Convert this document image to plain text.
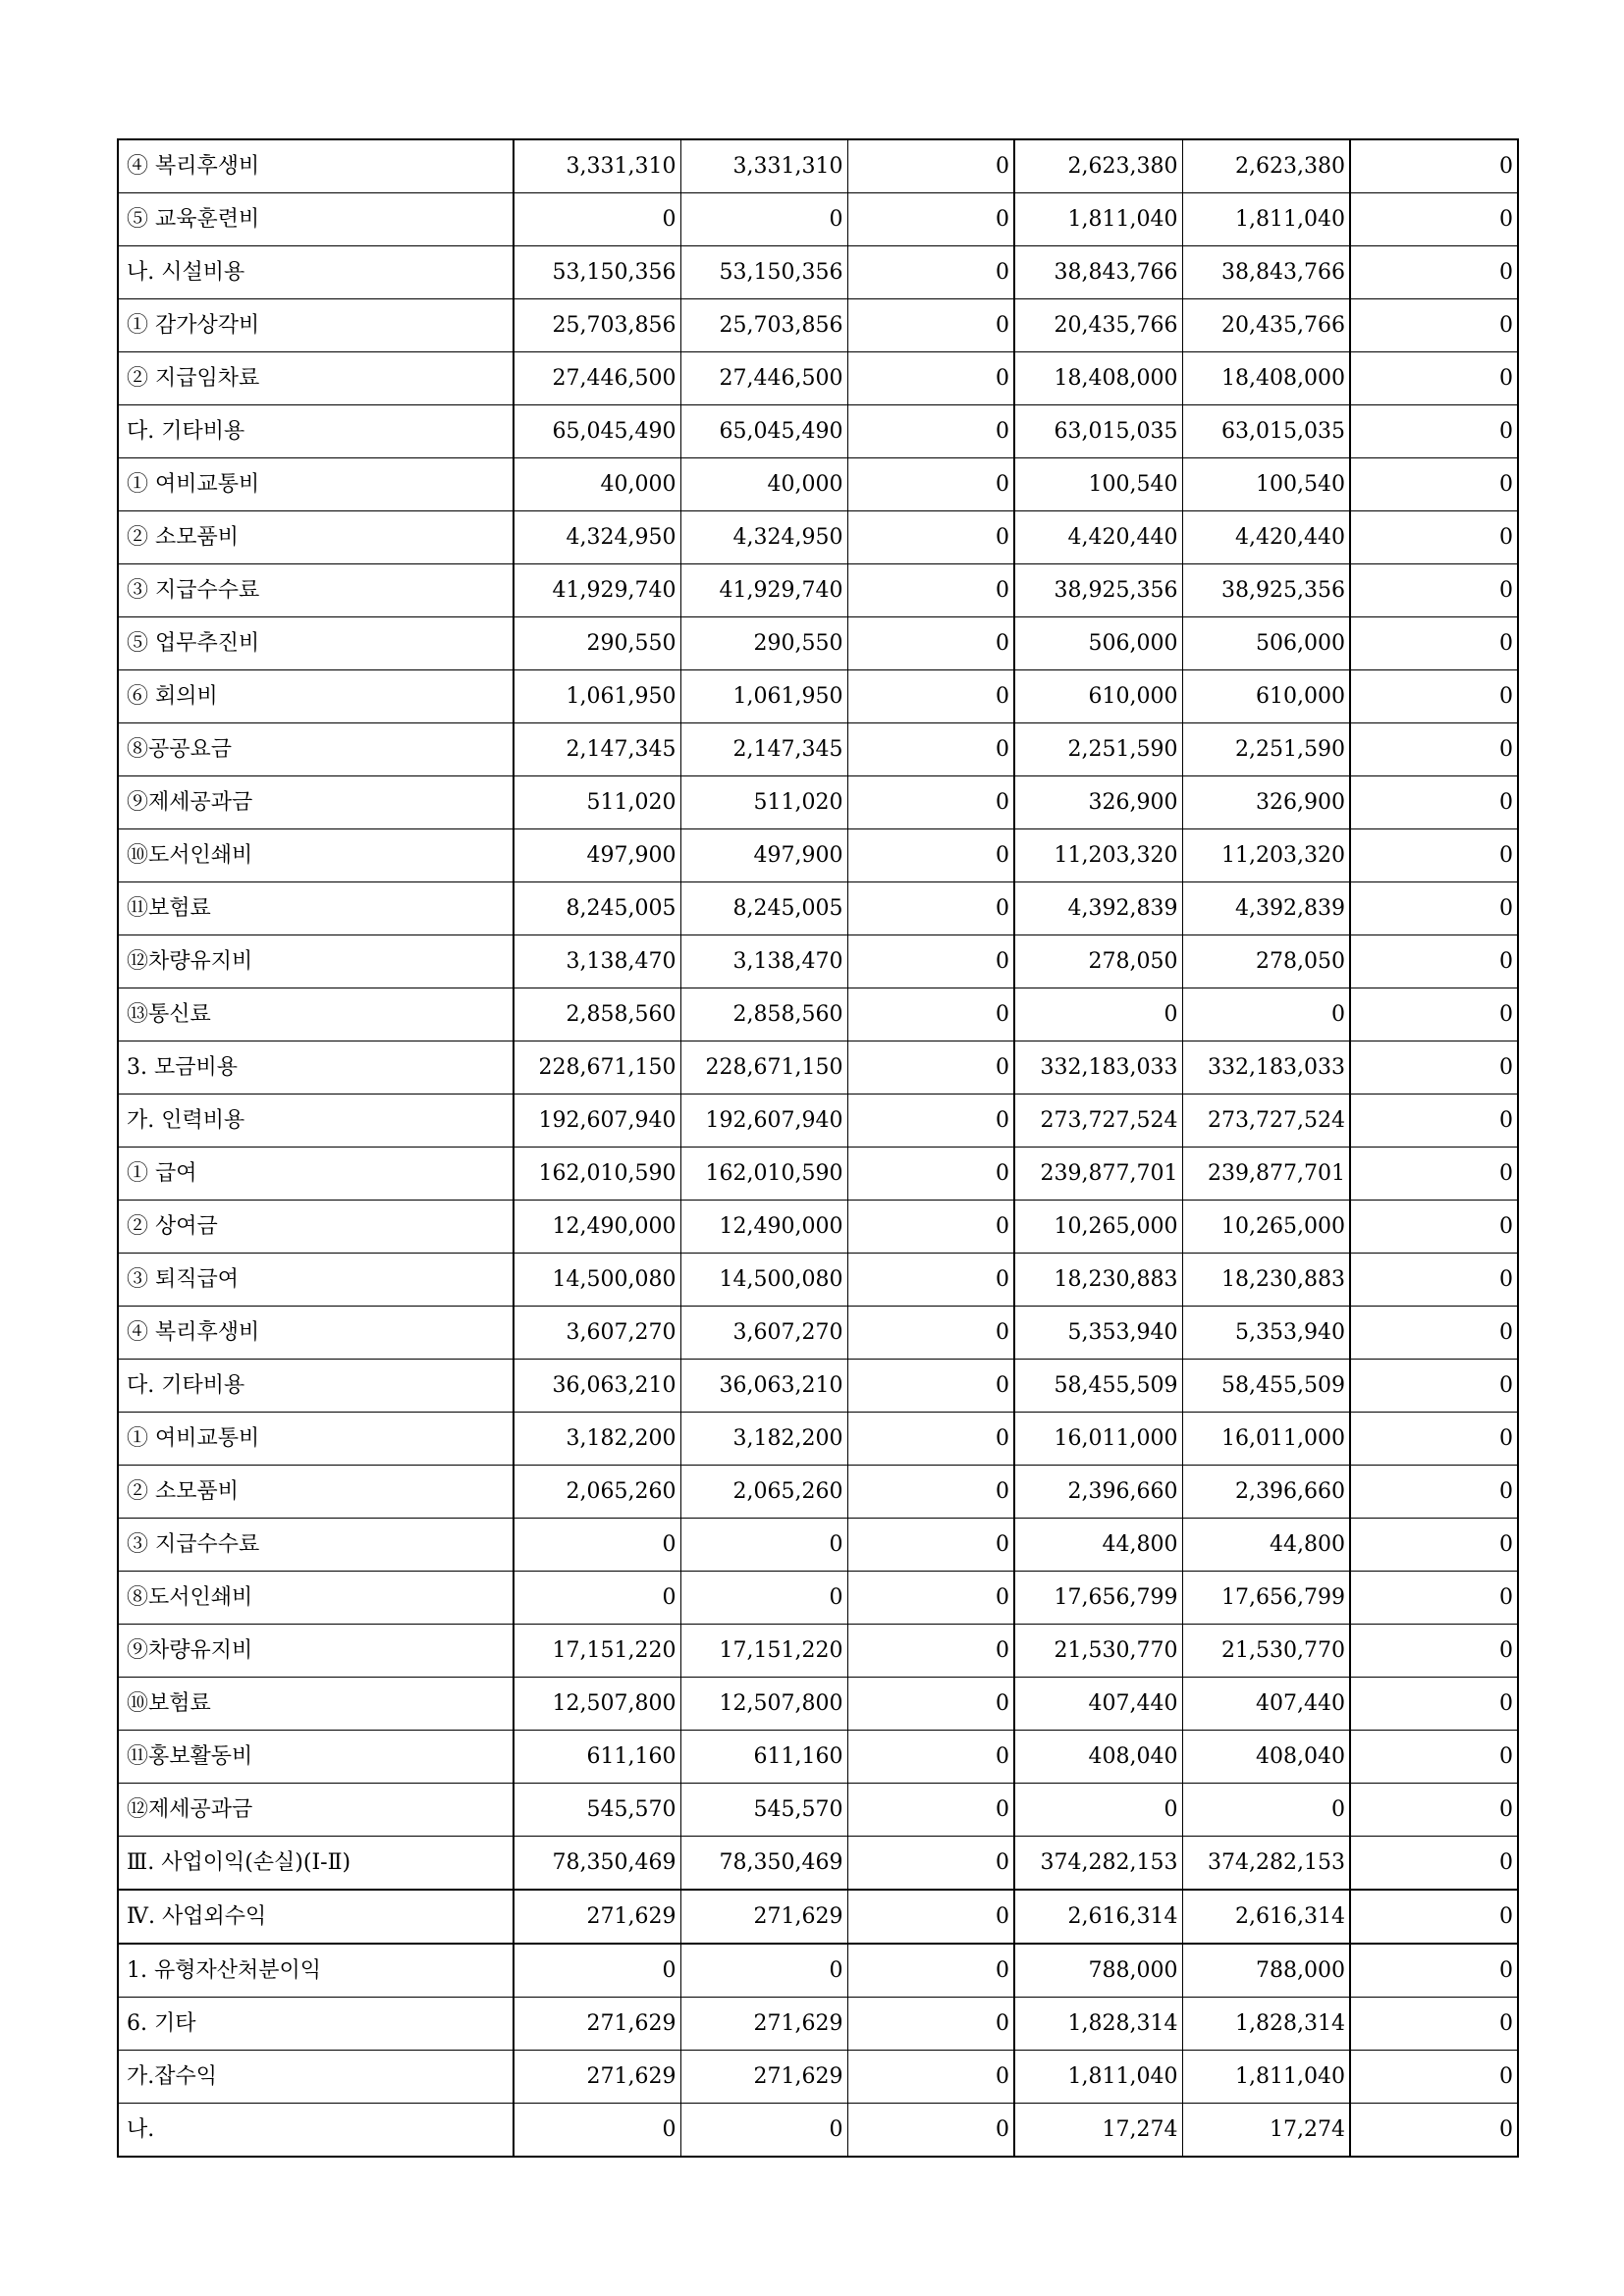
④ 복리후생비	3,331,310	3,331,310	0	2,623,380	2,623,380	0
⑤ 교육훈련비	0	0	0	1,811,040	1,811,040	0
나. 시설비용	53,150,356	53,150,356	0	38,843,766	38,843,766	0
① 감가상각비	25,703,856	25,703,856	0	20,435,766	20,435,766	0
② 지급임차료	27,446,500	27,446,500	0	18,408,000	18,408,000	0
다. 기타비용	65,045,490	65,045,490	0	63,015,035	63,015,035	0
① 여비교통비	40,000	40,000	0	100,540	100,540	0
② 소모품비	4,324,950	4,324,950	0	4,420,440	4,420,440	0
③ 지급수수료	41,929,740	41,929,740	0	38,925,356	38,925,356	0
⑤ 업무추진비	290,550	290,550	0	506,000	506,000	0
⑥ 회의비	1,061,950	1,061,950	0	610,000	610,000	0
⑧공공요금	2,147,345	2,147,345	0	2,251,590	2,251,590	0
⑨제세공과금	511,020	511,020	0	326,900	326,900	0
⑩도서인쇄비	497,900	497,900	0	11,203,320	11,203,320	0
⑪보험료	8,245,005	8,245,005	0	4,392,839	4,392,839	0
⑫차량유지비	3,138,470	3,138,470	0	278,050	278,050	0
⑬통신료	2,858,560	2,858,560	0	0	0	0
3. 모금비용	228,671,150	228,671,150	0	332,183,033	332,183,033	0
가. 인력비용	192,607,940	192,607,940	0	273,727,524	273,727,524	0
① 급여	162,010,590	162,010,590	0	239,877,701	239,877,701	0
② 상여금	12,490,000	12,490,000	0	10,265,000	10,265,000	0
③ 퇴직급여	14,500,080	14,500,080	0	18,230,883	18,230,883	0
④ 복리후생비	3,607,270	3,607,270	0	5,353,940	5,353,940	0
다. 기타비용	36,063,210	36,063,210	0	58,455,509	58,455,509	0
① 여비교통비	3,182,200	3,182,200	0	16,011,000	16,011,000	0
② 소모품비	2,065,260	2,065,260	0	2,396,660	2,396,660	0
③ 지급수수료	0	0	0	44,800	44,800	0
⑧도서인쇄비	0	0	0	17,656,799	17,656,799	0
⑨차량유지비	17,151,220	17,151,220	0	21,530,770	21,530,770	0
⑩보험료	12,507,800	12,507,800	0	407,440	407,440	0
⑪홍보활동비	611,160	611,160	0	408,040	408,040	0
⑫제세공과금	545,570	545,570	0	0	0	0
Ⅲ. 사업이익(손실)(Ⅰ-Ⅱ)	78,350,469	78,350,469	0	374,282,153	374,282,153	0
Ⅳ. 사업외수익	271,629	271,629	0	2,616,314	2,616,314	0
1. 유형자산처분이익	0	0	0	788,000	788,000	0
6. 기타	271,629	271,629	0	1,828,314	1,828,314	0
가.잡수익	271,629	271,629	0	1,811,040	1,811,040	0
나.	0	0	0	17,274	17,274	0
